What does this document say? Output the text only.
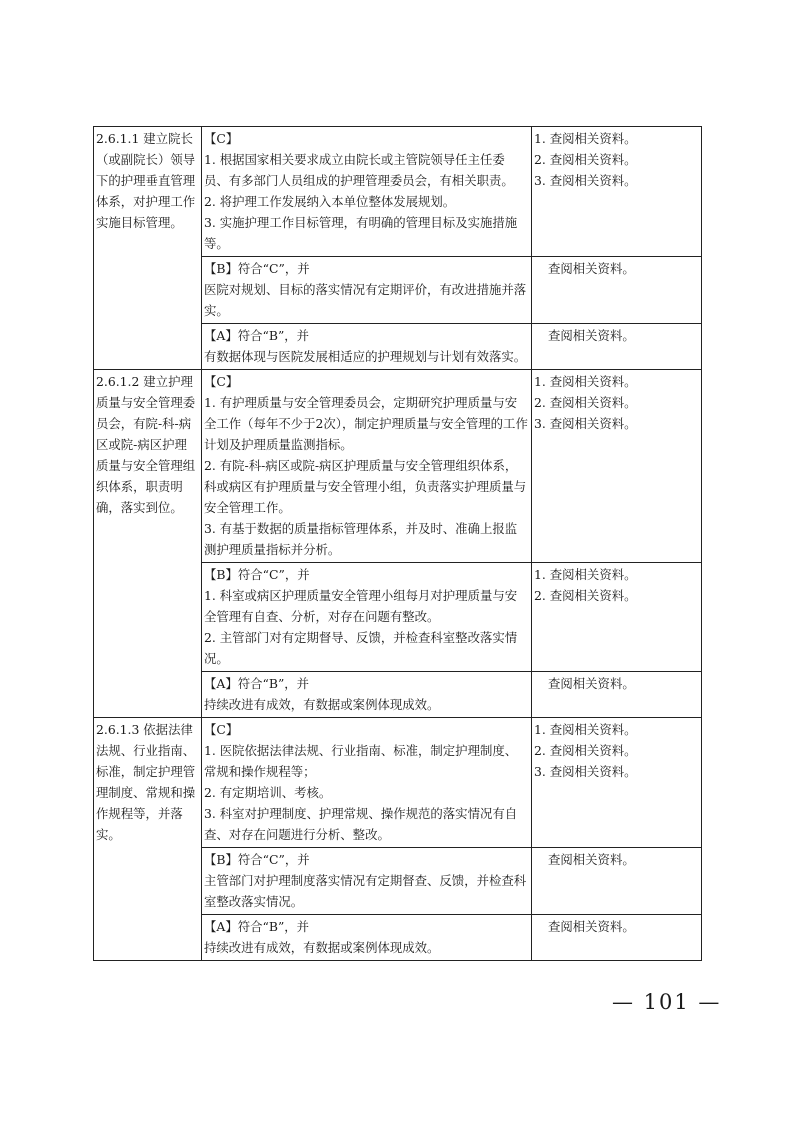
2.6.1.1 建立院长（或副院长）领导下的护理垂直管理体系，对护理工作实施目标管理。	【C】
1. 根据国家相关要求成立由院长或主管院领导任主任委员、有多部门人员组成的护理管理委员会，有相关职责。
2. 将护理工作发展纳入本单位整体发展规划。
3. 实施护理工作目标管理，有明确的管理目标及实施措施等。	1. 查阅相关资料。
2. 查阅相关资料。
3. 查阅相关资料。

	【B】符合“C”，并
医院对规划、目标的落实情况有定期评价，有改进措施并落实。	查阅相关资料。

	【A】符合“B”，并
有数据体现与医院发展相适应的护理规划与计划有效落实。	查阅相关资料。

2.6.1.2 建立护理质量与安全管理委员会，有院-科-病区或院-病区护理质量与安全管理组织体系，职责明确，落实到位。	【C】
1. 有护理质量与安全管理委员会，定期研究护理质量与安全工作（每年不少于2次），制定护理质量与安全管理的工作计划及护理质量监测指标。
2. 有院-科-病区或院-病区护理质量与安全管理组织体系，科或病区有护理质量与安全管理小组，负责落实护理质量与安全管理工作。
3. 有基于数据的质量指标管理体系，并及时、准确上报监测护理质量指标并分析。	1. 查阅相关资料。
2. 查阅相关资料。
3. 查阅相关资料。

	【B】符合“C”，并
1. 科室或病区护理质量安全管理小组每月对护理质量与安全管理有自查、分析，对存在问题有整改。
2. 主管部门对有定期督导、反馈，并检查科室整改落实情况。	1. 查阅相关资料。
2. 查阅相关资料。

	【A】符合“B”，并
持续改进有成效，有数据或案例体现成效。	查阅相关资料。

2.6.1.3 依据法律法规、行业指南、标准，制定护理管理制度、常规和操作规程等，并落实。	【C】
1. 医院依据法律法规、行业指南、标准，制定护理制度、常规和操作规程等；
2. 有定期培训、考核。
3. 科室对护理制度、护理常规、操作规范的落实情况有自查、对存在问题进行分析、整改。	1. 查阅相关资料。
2. 查阅相关资料。
3. 查阅相关资料。

	【B】符合“C”，并
主管部门对护理制度落实情况有定期督查、反馈，并检查科室整改落实情况。	查阅相关资料。

	【A】符合“B”，并
持续改进有成效，有数据或案例体现成效。	查阅相关资料。
— 101 —
